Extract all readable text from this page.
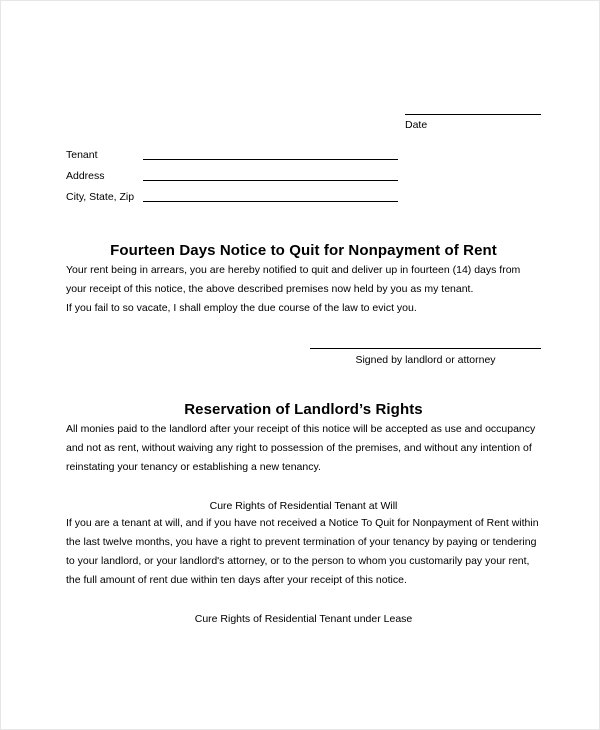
Date
Tenant
Address
City, State, Zip
Fourteen Days Notice to Quit for Nonpayment of Rent

Your rent being in arrears, you are hereby notified to quit and deliver up in fourteen (14) days from your receipt of this notice, the above described premises now held by you as my tenant.

If you fail to so vacate, I shall employ the due course of the law to evict you.

Signed by landlord or attorney
Reservation of Landlord’s Rights

All monies paid to the landlord after your receipt of this notice will be accepted as use and occupancy and not as rent, without waiving any right to possession of the premises, and without any intention of reinstating your tenancy or establishing a new tenancy.

Cure Rights of Residential Tenant at Will

If you are a tenant at will, and if you have not received a Notice To Quit for Nonpayment of Rent within the last twelve months, you have a right to prevent termination of your tenancy by paying or tendering to your landlord, or your landlord's attorney, or to the person to whom you customarily pay your rent, the full amount of rent due within ten days after your receipt of this notice.

Cure Rights of Residential Tenant under Lease
